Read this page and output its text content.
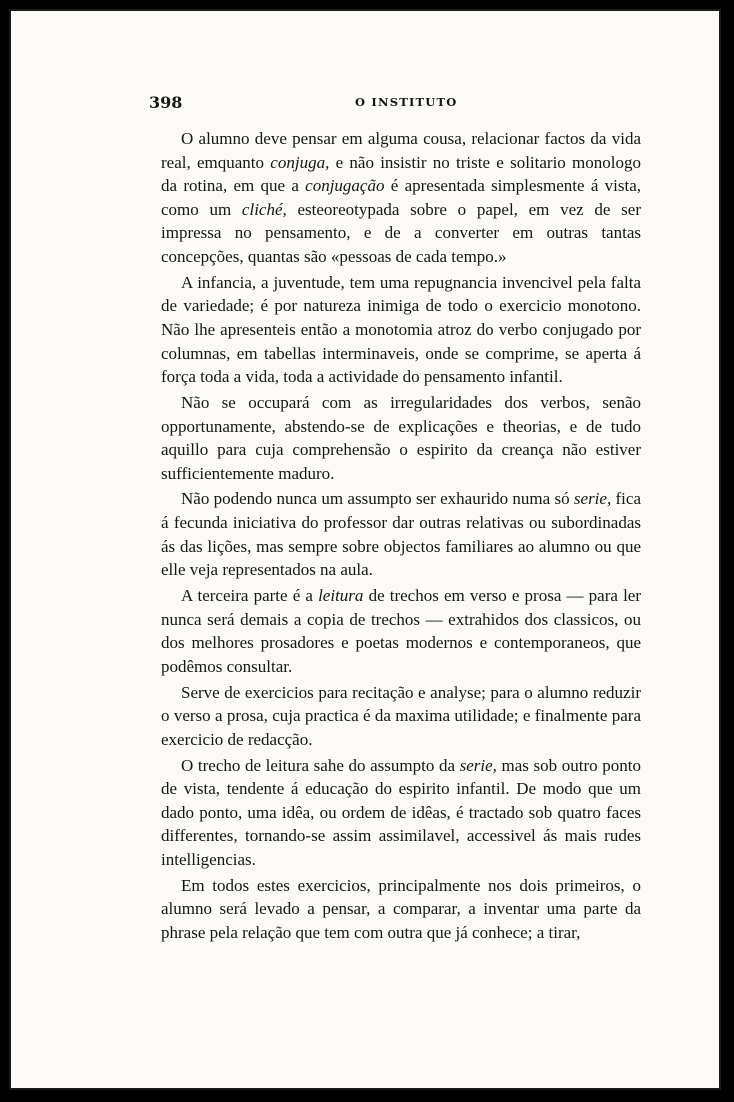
398	O INSTITUTO

O alumno deve pensar em alguma cousa, relacionar factos da vida real, emquanto conjuga, e não insistir no triste e solitario monologo da rotina, em que a conjugação é apresentada simplesmente á vista, como um cliché, esteoreotypada sobre o papel, em vez de ser impressa no pensamento, e de a converter em outras tantas concepções, quantas são «pessoas de cada tempo.»

A infancia, a juventude, tem uma repugnancia invencivel pela falta de variedade; é por natureza inimiga de todo o exercicio monotono. Não lhe apresenteis então a monotomia atroz do verbo conjugado por columnas, em tabellas interminaveis, onde se comprime, se aperta á força toda a vida, toda a actividade do pensamento infantil.

Não se occupará com as irregularidades dos verbos, senão opportunamente, abstendo-se de explicações e theorias, e de tudo aquillo para cuja comprehensão o espirito da creança não estiver sufficientemente maduro.

Não podendo nunca um assumpto ser exhaurido numa só serie, fica á fecunda iniciativa do professor dar outras relativas ou subordinadas ás das lições, mas sempre sobre objectos familiares ao alumno ou que elle veja representados na aula.

A terceira parte é a leitura de trechos em verso e prosa — para ler nunca será demais a copia de trechos — extrahidos dos classicos, ou dos melhores prosadores e poetas modernos e contemporaneos, que podêmos consultar.

Serve de exercicios para recitação e analyse; para o alumno reduzir o verso a prosa, cuja practica é da maxima utilidade; e finalmente para exercicio de redacção.

O trecho de leitura sahe do assumpto da serie, mas sob outro ponto de vista, tendente á educação do espirito infantil. De modo que um dado ponto, uma idêa, ou ordem de idêas, é tractado sob quatro faces differentes, tornando-se assim assimilavel, accessivel ás mais rudes intelligencias.

Em todos estes exercicios, principalmente nos dois primeiros, o alumno será levado a pensar, a comparar, a inventar uma parte da phrase pela relação que tem com outra que já conhece; a tirar,
